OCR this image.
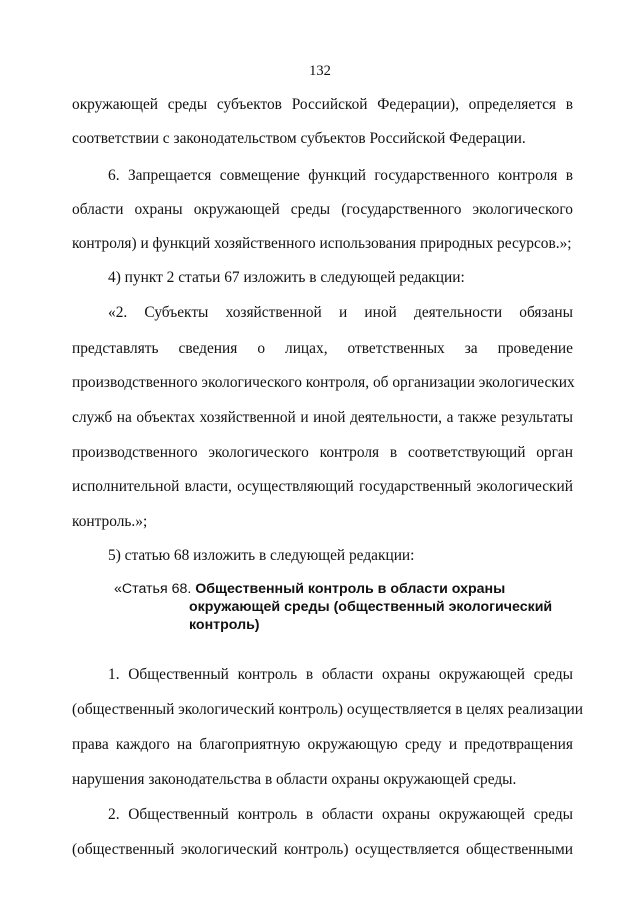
132
окружающей среды субъектов Российской Федерации), определяется в
соответствии с законодательством субъектов Российской Федерации.
6. Запрещается совмещение функций государственного контроля в
области охраны окружающей среды (государственного экологического
контроля) и функций хозяйственного использования природных ресурсов.»;
4) пункт 2 статьи 67 изложить в следующей редакции:
«2. Субъекты хозяйственной и иной деятельности обязаны
представлять сведения о лицах, ответственных за проведение
производственного экологического контроля, об организации экологических
служб на объектах хозяйственной и иной деятельности, а также результаты
производственного экологического контроля в соответствующий орган
исполнительной власти, осуществляющий государственный экологический
контроль.»;
5) статью 68 изложить в следующей редакции:
«Статья 68. Общественный контроль в области охраны
окружающей среды (общественный экологический
контроль)
1. Общественный контроль в области охраны окружающей среды
(общественный экологический контроль) осуществляется в целях реализации
права каждого на благоприятную окружающую среду и предотвращения
нарушения законодательства в области охраны окружающей среды.
2. Общественный контроль в области охраны окружающей среды
(общественный экологический контроль) осуществляется общественными
